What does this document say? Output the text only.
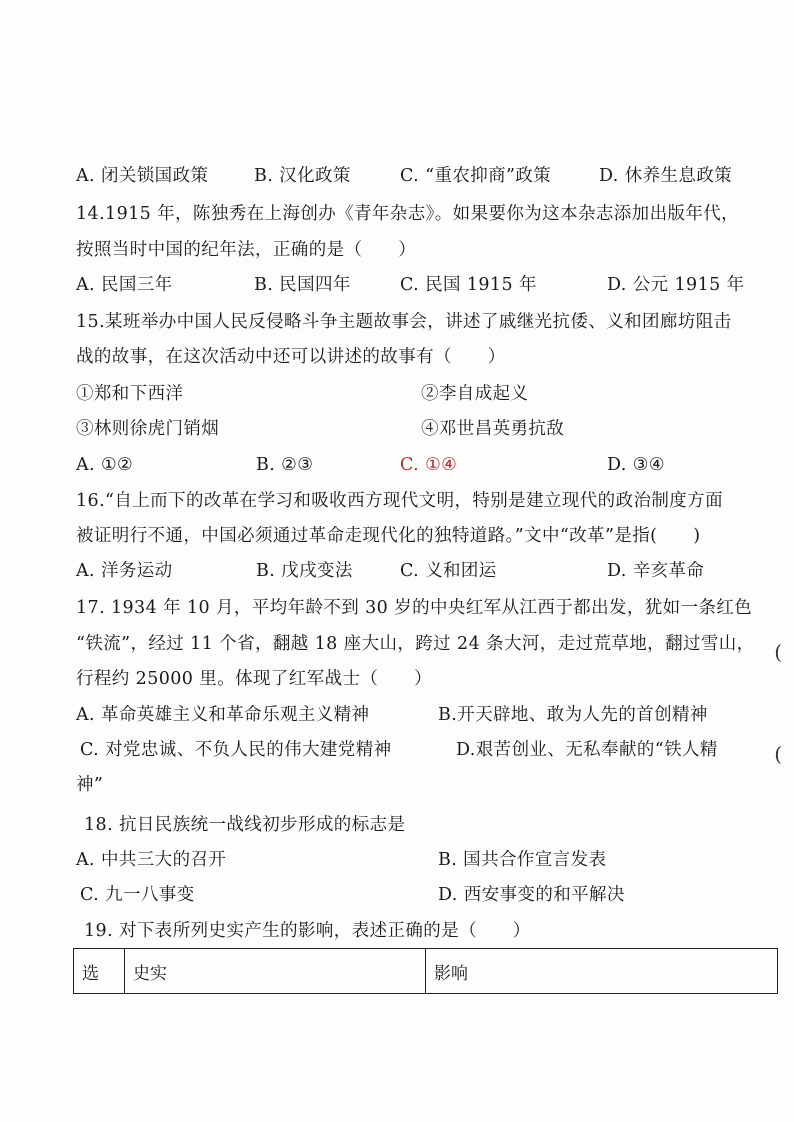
A. 闭关锁国政策	B. 汉化政策	C. “重农抑商”政策	D. 休养生息政策
14.1915 年，陈独秀在上海创办《青年杂志》。如果要你为这本杂志添加出版年代，
按照当时中国的纪年法，正确的是（　　）
A. 民国三年	B. 民国四年	C. 民国 1915 年	D. 公元 1915 年
15.某班举办中国人民反侵略斗争主题故事会，讲述了戚继光抗倭、义和团廊坊阻击
战的故事，在这次活动中还可以讲述的故事有（　　）
①郑和下西洋	②李自成起义
③林则徐虎门销烟	④邓世昌英勇抗敌
A. ①②	B. ②③	C. ①④	D. ③④
16.“自上而下的改革在学习和吸收西方现代文明，特别是建立现代的政治制度方面
被证明行不通，中国必须通过革命走现代化的独特道路。”文中“改革”是指(　　)
A. 洋务运动	B. 戊戌变法	C. 义和团运	D. 辛亥革命
17. 1934 年 10 月，平均年龄不到 30 岁的中央红军从江西于都出发，犹如一条红色
“铁流”，经过 11 个省，翻越 18 座大山，跨过 24 条大河，走过荒草地，翻过雪山，
行程约 25000 里。体现了红军战士（　　）
A. 革命英雄主义和革命乐观主义精神	B.开天辟地、敢为人先的首创精神
C. 对党忠诚、不负人民的伟大建党精神	D.艰苦创业、无私奉献的“铁人精
神”
18. 抗日民族统一战线初步形成的标志是
A. 中共三大的召开	B. 国共合作宣言发表
C. 九一八事变	D. 西安事变的和平解决
19. 对下表所列史实产生的影响，表述正确的是（　　）
选	史实	影响
(
(
